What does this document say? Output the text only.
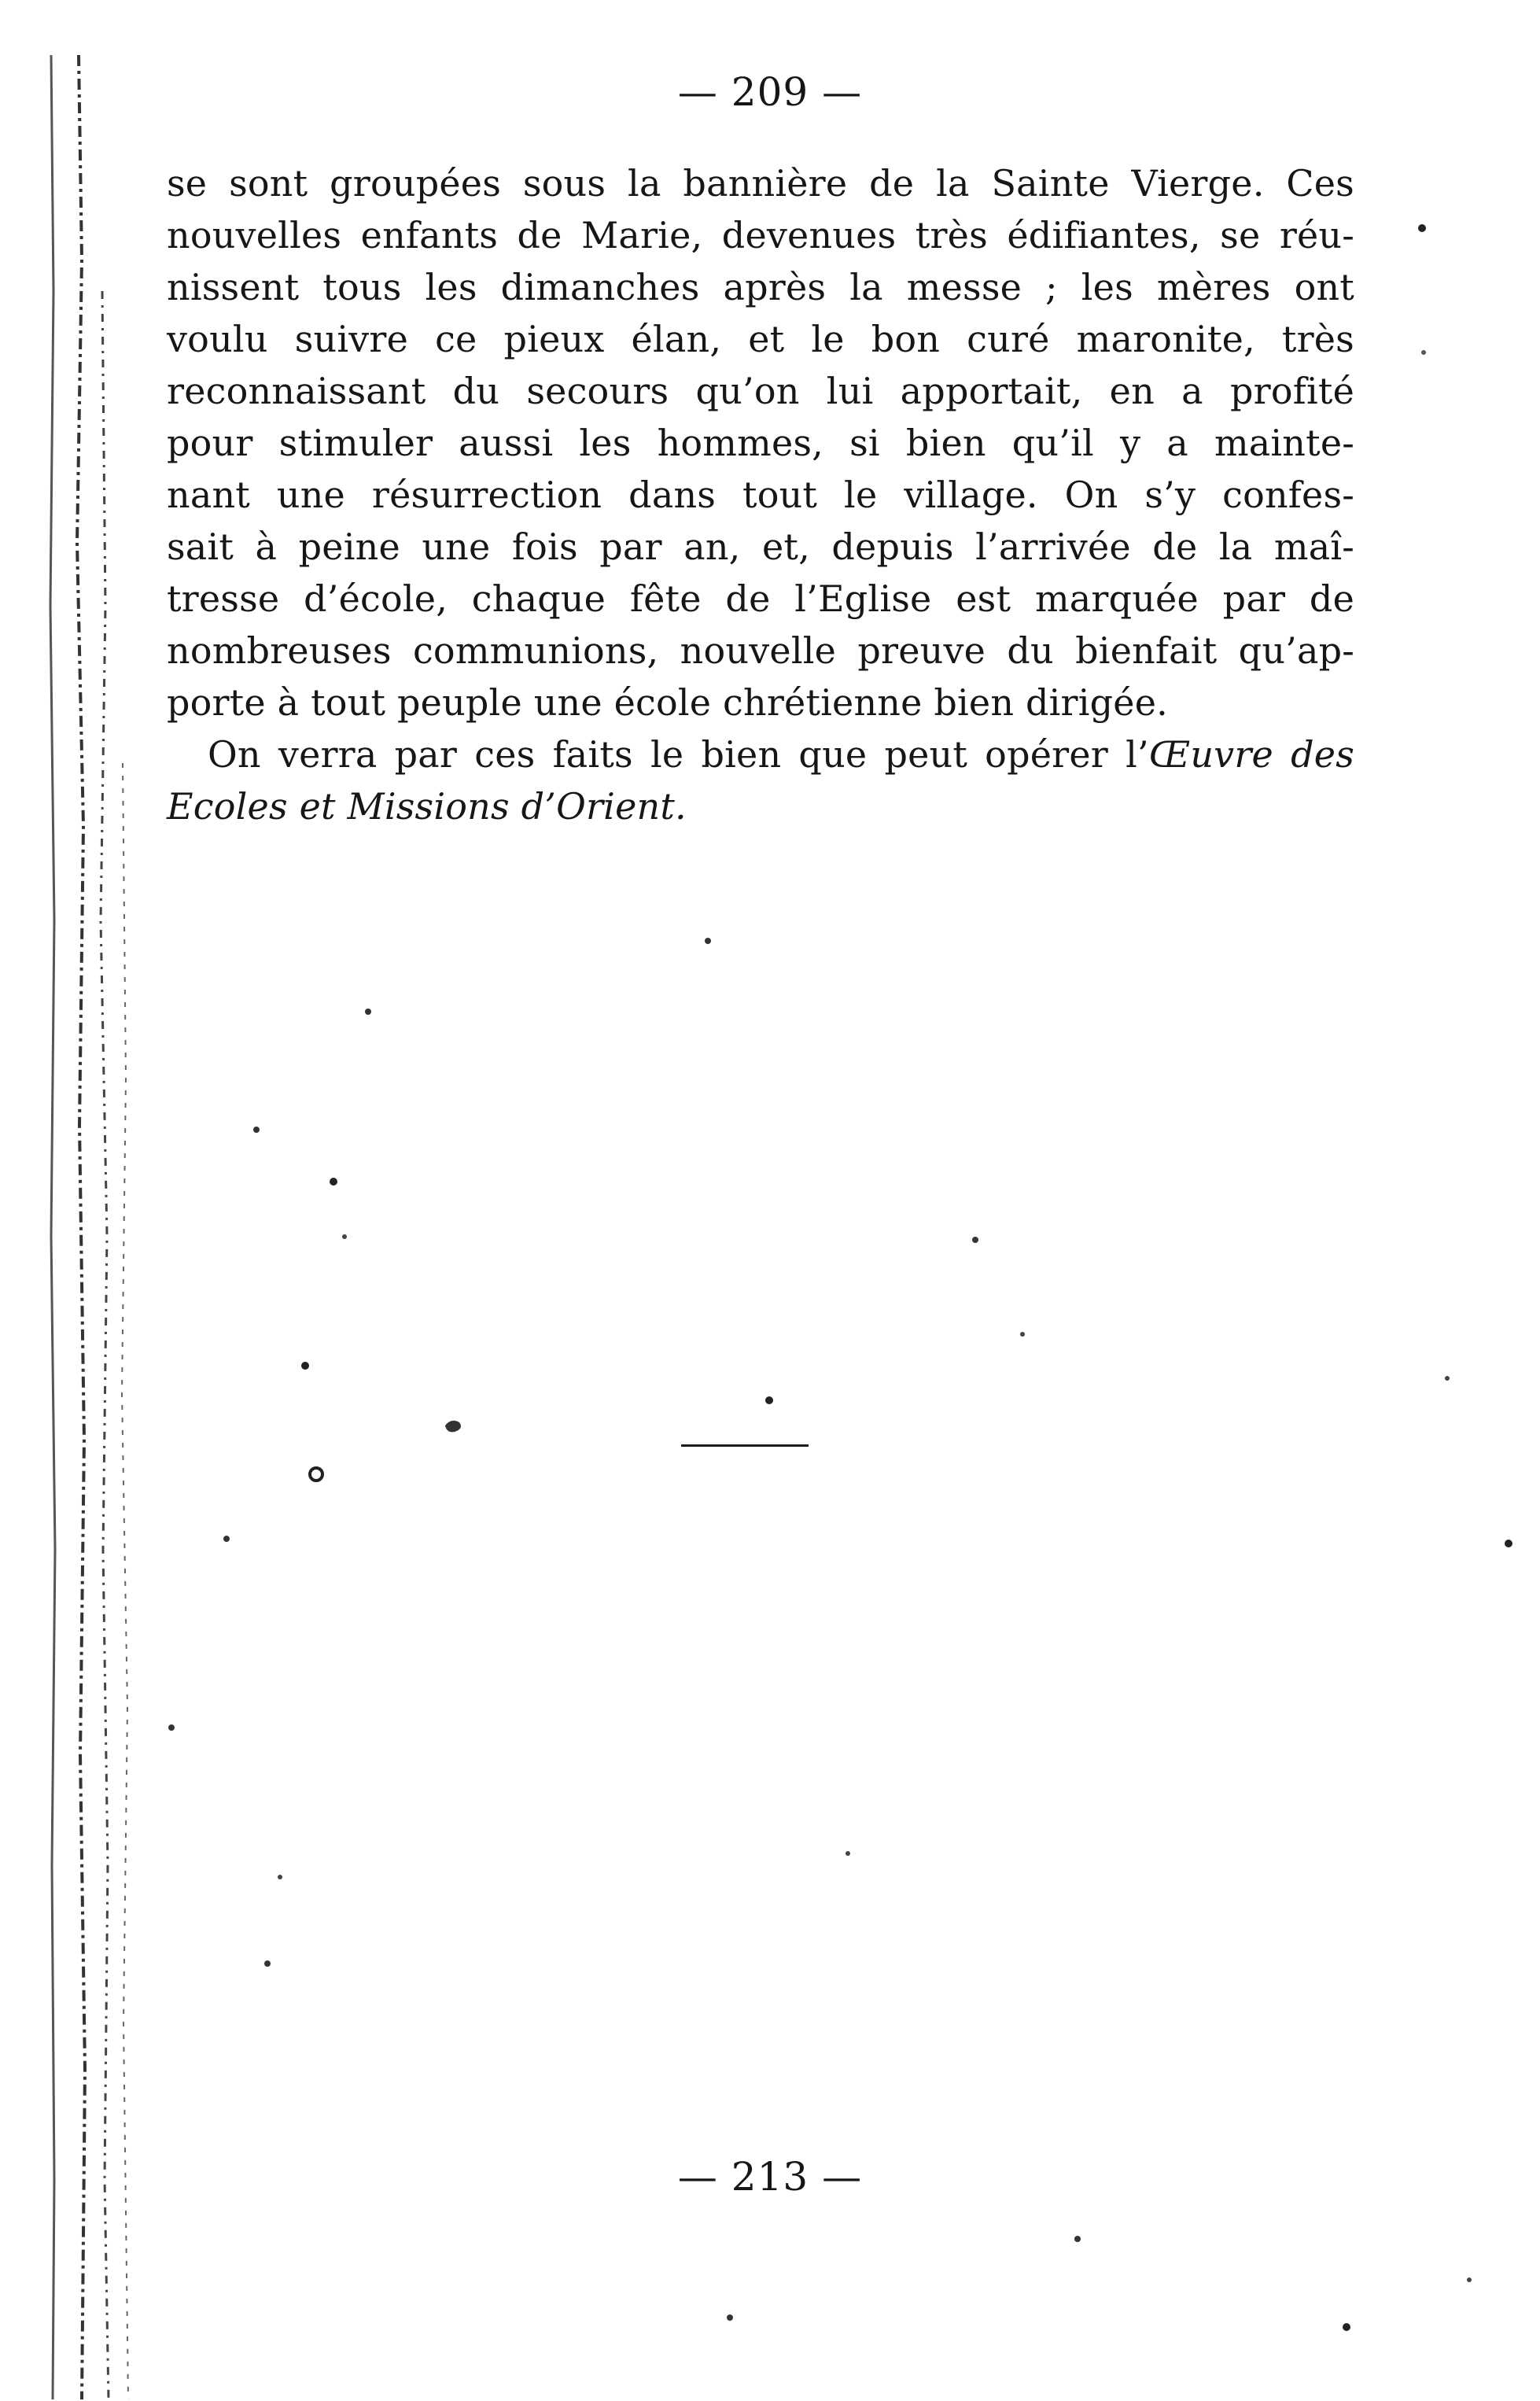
— 209 —
se sont groupées sous la bannière de la Sainte Vierge. Ces
nouvelles enfants de Marie, devenues très édifiantes, se réu-
nissent tous les dimanches après la messe ; les mères ont
voulu suivre ce pieux élan, et le bon curé maronite, très
reconnaissant du secours qu’on lui apportait, en a profité
pour stimuler aussi les hommes, si bien qu’il y a mainte-
nant une résurrection dans tout le village. On s’y confes-
sait à peine une fois par an, et, depuis l’arrivée de la maî-
tresse d’école, chaque fête de l’Eglise est marquée par de
nombreuses communions, nouvelle preuve du bienfait qu’ap-
porte à tout peuple une école chrétienne bien dirigée.
On verra par ces faits le bien que peut opérer l’Œuvre des
Ecoles et Missions d’Orient.
— 213 —
